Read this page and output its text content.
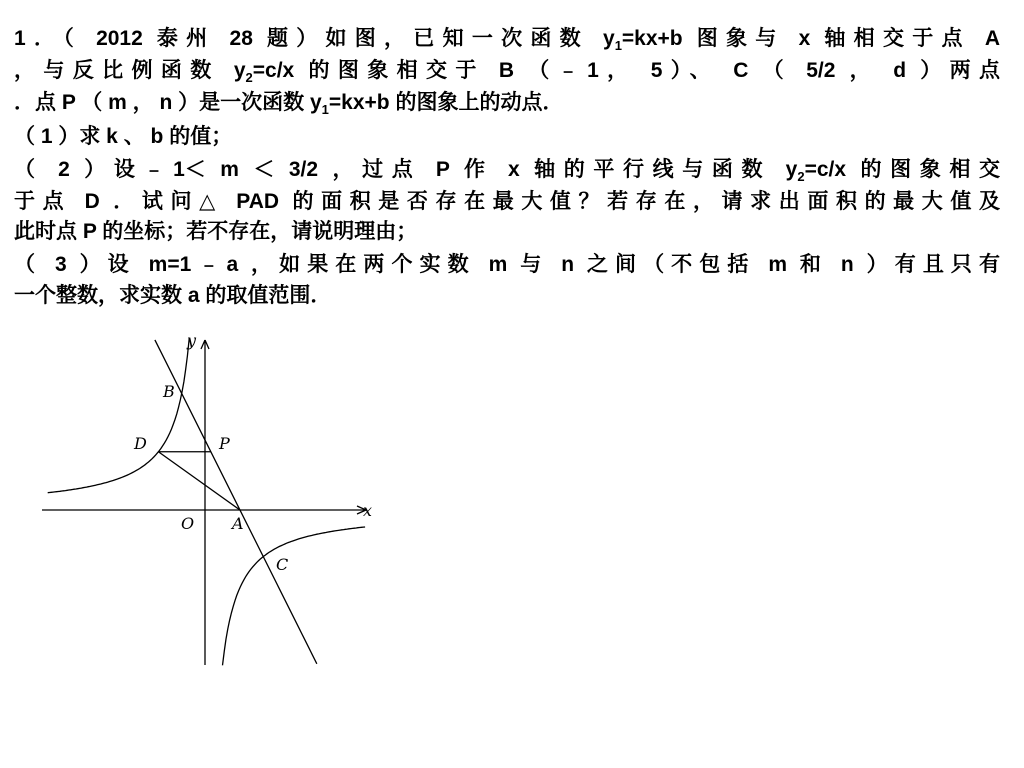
1．（ 2012 泰州 28 题）如图，已知一次函数 $y_1=kx+b$ 图象与 x 轴相交于点 A
，与反比例函数 $y_2=c/x$ 的图象相交于 B （﹣1， 5）、 C （ 5/2 ， d ）两点
．点 P （ m ， n ）是一次函数 $y_1=kx+b$ 的图象上的动点．
（ 1 ）求 k 、 b 的值；
（ 2 ）设﹣1＜ m ＜ 3/2 ，过点 P 作 x 轴的平行线与函数 $y_2=c/x$ 的图象相交
于点 D ．试问△ PAD 的面积是否存在最大值？若存在，请求出面积的最大值及
此时点 P 的坐标；若不存在，请说明理由；
（ 3 ）设 m=1﹣a ，如果在两个实数 m 与 n 之间（不包括 m 和 n ）有且只有
一个整数，求实数 a 的取值范围．
y
x
O
B
D	P
A
C
